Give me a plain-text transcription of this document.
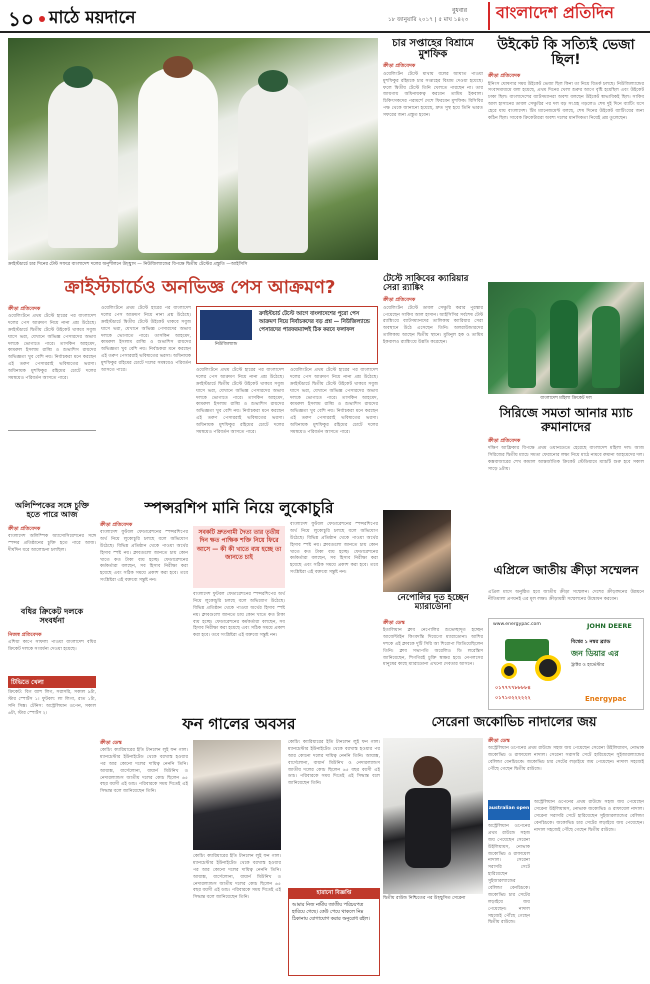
১০ মাঠে ময়দানে	বুধবার
১৮ জানুয়ারি ২০১৭ | ৫ মাঘ ১৪২৩	বাংলাদেশ প্রতিদিন
ক্রাইস্টচার্চে চার দিনের টেস্ট সফরে বাংলাদেশ দলের অনুশীলনে উচ্ছ্বাস — নিউজিল্যান্ডের বিপক্ষে দ্বিতীয় টেস্টের প্রস্তুতি —আইসিসি
চার সপ্তাহের বিশ্রামে মুশফিক
ক্রীড়া প্রতিবেদক
ওয়েলিংটন টেস্টে মাথায় বলের আঘাত পাওয়া মুশফিকুর রহিমকে চার সপ্তাহের বিশ্রাম দেওয়া হয়েছে। ফলে দ্বিতীয় টেস্টে তিনি খেলতে পারছেন না। তার জায়গায় অধিনায়কত্ব করবেন তামিম ইকবাল। চিকিৎসকদের পরামর্শে দেশে ফিরবেন মুশফিক। বিসিবির পক্ষ থেকে জানানো হয়েছে, দ্রুত সুস্থ হয়ে তিনি ভারত সফরের জন্য প্রস্তুত হবেন।
উইকেট কি সত্যিই ভেজা ছিল!
ক্রীড়া প্রতিবেদক
ইনিংস ঘোষণার সময় উইকেট ভেজা ছিল কিনা তা নিয়ে বিতর্ক চলছে। নিউজিল্যান্ডের সংবাদমাধ্যমে বলা হয়েছে, প্রথম দিনের খেলা শুরুর আগে বৃষ্টি হয়েছিল এবং উইকেট ঢাকা ছিল। বাংলাদেশের ব্যাটসম্যানরা অবশ্য বলছেন উইকেট স্বাভাবিকই ছিল। সাকিব আল হাসানের ডাবল সেঞ্চুরির পর দল বড় সংগ্রহ গড়লেও শেষ দুই দিনে ব্যাটিং ধসে হেরে যায় বাংলাদেশ। টিম ম্যানেজমেন্ট বলছে, শেষ দিনের উইকেট ব্যাটিংয়ের জন্য কঠিন ছিল। সাবেক ক্রিকেটাররা অবশ্য দলের মানসিকতা নিয়েই প্রশ্ন তুলেছেন।
ক্রাইস্টচার্চেও অনভিজ্ঞ পেস আক্রমণ?
ক্রীড়া প্রতিবেদক
ওয়েলিংটনে প্রথম টেস্টে হারের পর বাংলাদেশ দলের পেস আক্রমণ নিয়ে নানা প্রশ্ন উঠেছে। ক্রাইস্টচার্চে দ্বিতীয় টেস্টে উইকেট থাকবে সবুজ ঘাসে ভরা, যেখানে অভিজ্ঞ পেসারদের অভাব দলকে ভোগাতে পারে। তাসকিন আহমেদ, কামরুল ইসলাম রাব্বি ও শুভাশিস রায়দের অভিজ্ঞতা খুব বেশি নয়। নির্বাচকরা মনে করছেন এই তরুণ পেসাররাই ভবিষ্যতের ভরসা। অধিনায়ক মুশফিকুর রহিমের চোটে দলের সমন্বয়েও পরিবর্তন আসতে পারে।
ওয়েলিংটনে প্রথম টেস্টে হারের পর বাংলাদেশ দলের পেস আক্রমণ নিয়ে নানা প্রশ্ন উঠেছে। ক্রাইস্টচার্চে দ্বিতীয় টেস্টে উইকেট থাকবে সবুজ ঘাসে ভরা, যেখানে অভিজ্ঞ পেসারদের অভাব দলকে ভোগাতে পারে। তাসকিন আহমেদ, কামরুল ইসলাম রাব্বি ও শুভাশিস রায়দের অভিজ্ঞতা খুব বেশি নয়। নির্বাচকরা মনে করছেন এই তরুণ পেসাররাই ভবিষ্যতের ভরসা। অধিনায়ক মুশফিকুর রহিমের চোটে দলের সমন্বয়েও পরিবর্তন আসতে পারে।
নিউজিল্যান্ড
ক্রাইস্টচার্চ টেস্টে আগে বাংলাদেশের পুরো পেস আক্রমণ নিয়ে নির্বাচকদের বড় প্রশ্ন — নিউজিল্যান্ডে পেসারদের পারফরম্যান্সই ঠিক করবে ফলাফল
ওয়েলিংটনে প্রথম টেস্টে হারের পর বাংলাদেশ দলের পেস আক্রমণ নিয়ে নানা প্রশ্ন উঠেছে। ক্রাইস্টচার্চে দ্বিতীয় টেস্টে উইকেট থাকবে সবুজ ঘাসে ভরা, যেখানে অভিজ্ঞ পেসারদের অভাব দলকে ভোগাতে পারে। তাসকিন আহমেদ, কামরুল ইসলাম রাব্বি ও শুভাশিস রায়দের অভিজ্ঞতা খুব বেশি নয়। নির্বাচকরা মনে করছেন এই তরুণ পেসাররাই ভবিষ্যতের ভরসা। অধিনায়ক মুশফিকুর রহিমের চোটে দলের সমন্বয়েও পরিবর্তন আসতে পারে।
ওয়েলিংটনে প্রথম টেস্টে হারের পর বাংলাদেশ দলের পেস আক্রমণ নিয়ে নানা প্রশ্ন উঠেছে। ক্রাইস্টচার্চে দ্বিতীয় টেস্টে উইকেট থাকবে সবুজ ঘাসে ভরা, যেখানে অভিজ্ঞ পেসারদের অভাব দলকে ভোগাতে পারে। তাসকিন আহমেদ, কামরুল ইসলাম রাব্বি ও শুভাশিস রায়দের অভিজ্ঞতা খুব বেশি নয়। নির্বাচকরা মনে করছেন এই তরুণ পেসাররাই ভবিষ্যতের ভরসা। অধিনায়ক মুশফিকুর রহিমের চোটে দলের সমন্বয়েও পরিবর্তন আসতে পারে।
টেস্টে সাকিবের ক্যারিয়ার সেরা র‌্যাঙ্কিং
ক্রীড়া প্রতিবেদক
ওয়েলিংটন টেস্টে ডাবল সেঞ্চুরি করার পুরস্কার পেয়েছেন সাকিব আল হাসান। আইসিসির সর্বশেষ টেস্ট র‌্যাঙ্কিংয়ে ব্যাটসম্যানদের তালিকায় ক্যারিয়ার সেরা অবস্থানে উঠে এসেছেন তিনি। অলরাউন্ডারদের তালিকায় আছেন দ্বিতীয় স্থানে। মুমিনুল হক ও তামিম ইকবালও র‌্যাঙ্কিংয়ে উন্নতি করেছেন।
বাংলাদেশ মহিলা ক্রিকেট দল
সিরিজে সমতা আনার ম্যাচ রুমানাদের
ক্রীড়া প্রতিবেদক
দক্ষিণ আফ্রিকার বিপক্ষে প্রথম ওয়ানডেতে হেরেছে বাংলাদেশ মহিলা দল। আজ সিরিজের দ্বিতীয় ম্যাচে সমতা ফেরানোর লক্ষ্য নিয়ে মাঠে নামবে রুমানা আহমেদের দল। কক্সবাজারের শেখ কামাল আন্তর্জাতিক ক্রিকেট স্টেডিয়ামে ম্যাচটি শুরু হবে সকাল সাড়ে ৯টায়।
অলিম্পিকের সঙ্গে চুক্তি হতে পারে আজ
ক্রীড়া প্রতিবেদক
বাংলাদেশ অলিম্পিক অ্যাসোসিয়েশনের সঙ্গে স্পন্সর প্রতিষ্ঠানের চুক্তি হতে পারে আজ। দীর্ঘদিন ধরে আলোচনা চলছিল।
বধির ক্রিকেট দলকে সংবর্ধনা
নিজস্ব প্রতিবেদক
এশিয়া কাপে সাফল্য পাওয়া বাংলাদেশ বধির ক্রিকেট দলকে সংবর্ধনা দেওয়া হয়েছে।
টিভিতে খেলা
ক্রিকেট: বিগ ব্যাশ লিগ, সরাসরি, সকাল ৯টা, স্টার স্পোর্টস ১। ফুটবল: লা লিগা, রাত ১টা, সনি সিক্স। টেনিস: অস্ট্রেলিয়ান ওপেন, সকাল ৬টা, স্টার স্পোর্টস ২।
স্পন্সরশিপ মানি নিয়ে লুকোচুরি
ক্রীড়া প্রতিবেদক
বাংলাদেশ ফুটবল ফেডারেশনের স্পন্সরশিপের অর্থ নিয়ে লুকোচুরি চলছে বলে অভিযোগ উঠেছে। বিভিন্ন প্রতিষ্ঠান থেকে পাওয়া অর্থের হিসাব স্পষ্ট নয়। ক্লাবগুলো জানতে চায় কোন খাতে কত টাকা ব্যয় হচ্ছে। ফেডারেশনের কর্মকর্তারা বলছেন, সব হিসাব নিরীক্ষা করা হয়েছে এবং সঠিক সময়ে প্রকাশ করা হবে। তবে সংশ্লিষ্টরা এই বক্তব্যে সন্তুষ্ট নন।
সবকটি দ্রুতগামী দৈত্য তার তৃতীয় দিন ক্ষত পাক্ষিক শক্তি নিয়ে ফিরে আসে — কী কী খাতে ব্যয় হচ্ছে তা জানতে চাই
বাংলাদেশ ফুটবল ফেডারেশনের স্পন্সরশিপের অর্থ নিয়ে লুকোচুরি চলছে বলে অভিযোগ উঠেছে। বিভিন্ন প্রতিষ্ঠান থেকে পাওয়া অর্থের হিসাব স্পষ্ট নয়। ক্লাবগুলো জানতে চায় কোন খাতে কত টাকা ব্যয় হচ্ছে। ফেডারেশনের কর্মকর্তারা বলছেন, সব হিসাব নিরীক্ষা করা হয়েছে এবং সঠিক সময়ে প্রকাশ করা হবে। তবে সংশ্লিষ্টরা এই বক্তব্যে সন্তুষ্ট নন।
বাংলাদেশ ফুটবল ফেডারেশনের স্পন্সরশিপের অর্থ নিয়ে লুকোচুরি চলছে বলে অভিযোগ উঠেছে। বিভিন্ন প্রতিষ্ঠান থেকে পাওয়া অর্থের হিসাব স্পষ্ট নয়। ক্লাবগুলো জানতে চায় কোন খাতে কত টাকা ব্যয় হচ্ছে। ফেডারেশনের কর্মকর্তারা বলছেন, সব হিসাব নিরীক্ষা করা হয়েছে এবং সঠিক সময়ে প্রকাশ করা হবে। তবে সংশ্লিষ্টরা এই বক্তব্যে সন্তুষ্ট নন।
নেপোলির দূত হচ্ছেন ম্যারাডোনা
ক্রীড়া ডেস্ক
ইতালিয়ান ক্লাব নেপোলির শুভেচ্ছাদূত হচ্ছেন আর্জেন্টাইন কিংবদন্তি দিয়েগো ম্যারাডোনা। আশির দশকে এই ক্লাবকে দুটি সিরি আ শিরোপা জিতিয়েছিলেন তিনি। ক্লাব সভাপতি অরেলিও ডি লরেন্তিস জানিয়েছেন, শিগগিরই চুক্তি স্বাক্ষর হবে। নেপলসের মানুষের কাছে ম্যারাডোনা এখনো দেবতার আসনে।
এপ্রিলে জাতীয় ক্রীড়া সম্মেলন
এপ্রিল মাসে অনুষ্ঠিত হবে জাতীয় ক্রীড়া সম্মেলন। দেশের ক্রীড়াঙ্গনের উন্নয়নে নীতিমালা প্রণয়নই এর মূল লক্ষ্য। ক্রীড়ামন্ত্রী সম্মেলনের উদ্বোধন করবেন।
www.energypac.com	JOHN DEERE
বিশ্বের ১ নম্বর ব্র্যান্ড
জন ডিয়ার এর
ট্রাক্টর ও হার্ভেস্টার
০১৭৭৭৭৮৮৮৮৪
০১৭১৩২২২২২২	Energypac
ফন গালের অবসর
ক্রীড়া ডেস্ক
কোচিং ক্যারিয়ারের ইতি টানলেন লুই ফন গাল। ম্যানচেস্টার ইউনাইটেড থেকে বরখাস্ত হওয়ার পর আর কোনো দলের দায়িত্ব নেননি তিনি। আয়াক্স, বার্সেলোনা, বায়ার্ন মিউনিখ ও নেদারল্যান্ডস জাতীয় দলের কোচ ছিলেন ৬৫ বছর বয়সী এই ডাচ। পরিবারকে সময় দিতেই এই সিদ্ধান্ত বলে জানিয়েছেন তিনি।
কোচিং ক্যারিয়ারের ইতি টানলেন লুই ফন গাল। ম্যানচেস্টার ইউনাইটেড থেকে বরখাস্ত হওয়ার পর আর কোনো দলের দায়িত্ব নেননি তিনি। আয়াক্স, বার্সেলোনা, বায়ার্ন মিউনিখ ও নেদারল্যান্ডস জাতীয় দলের কোচ ছিলেন ৬৫ বছর বয়সী এই ডাচ। পরিবারকে সময় দিতেই এই সিদ্ধান্ত বলে জানিয়েছেন তিনি।
কোচিং ক্যারিয়ারের ইতি টানলেন লুই ফন গাল। ম্যানচেস্টার ইউনাইটেড থেকে বরখাস্ত হওয়ার পর আর কোনো দলের দায়িত্ব নেননি তিনি। আয়াক্স, বার্সেলোনা, বায়ার্ন মিউনিখ ও নেদারল্যান্ডস জাতীয় দলের কোচ ছিলেন ৬৫ বছর বয়সী এই ডাচ। পরিবারকে সময় দিতেই এই সিদ্ধান্ত বলে জানিয়েছেন তিনি।
হারানো বিজ্ঞপ্তি
আমার নিজ নামীয় জাতীয় পরিচয়পত্র হারিয়ে গেছে। কেউ পেয়ে থাকলে নিম্ন ঠিকানায় যোগাযোগ করার অনুরোধ রইল।
সেরেনা জকোভিচ নাদালের জয়
দ্বিতীয় রাউন্ড নিশ্চিতের পর উচ্ছ্বসিত সেরেনা
ক্রীড়া ডেস্ক
অস্ট্রেলিয়ান ওপেনের প্রথম রাউন্ডে সহজ জয় পেয়েছেন সেরেনা উইলিয়ামস, নোভাক জকোভিচ ও রাফায়েল নাদাল। সেরেনা সরাসরি সেটে হারিয়েছেন সুইজারল্যান্ডের বেলিন্ডা বেনচিচকে। জকোভিচ চার সেটের লড়াইয়ে জয় পেয়েছেন। নাদাল সহজেই পৌঁছে গেছেন দ্বিতীয় রাউন্ডে।
australian open
অস্ট্রেলিয়ান ওপেনের প্রথম রাউন্ডে সহজ জয় পেয়েছেন সেরেনা উইলিয়ামস, নোভাক জকোভিচ ও রাফায়েল নাদাল। সেরেনা সরাসরি সেটে হারিয়েছেন সুইজারল্যান্ডের বেলিন্ডা বেনচিচকে। জকোভিচ চার সেটের লড়াইয়ে জয় পেয়েছেন। নাদাল সহজেই পৌঁছে গেছেন দ্বিতীয় রাউন্ডে।
অস্ট্রেলিয়ান ওপেনের প্রথম রাউন্ডে সহজ জয় পেয়েছেন সেরেনা উইলিয়ামস, নোভাক জকোভিচ ও রাফায়েল নাদাল। সেরেনা সরাসরি সেটে হারিয়েছেন সুইজারল্যান্ডের বেলিন্ডা বেনচিচকে। জকোভিচ চার সেটের লড়াইয়ে জয় পেয়েছেন। নাদাল সহজেই পৌঁছে গেছেন দ্বিতীয় রাউন্ডে।
